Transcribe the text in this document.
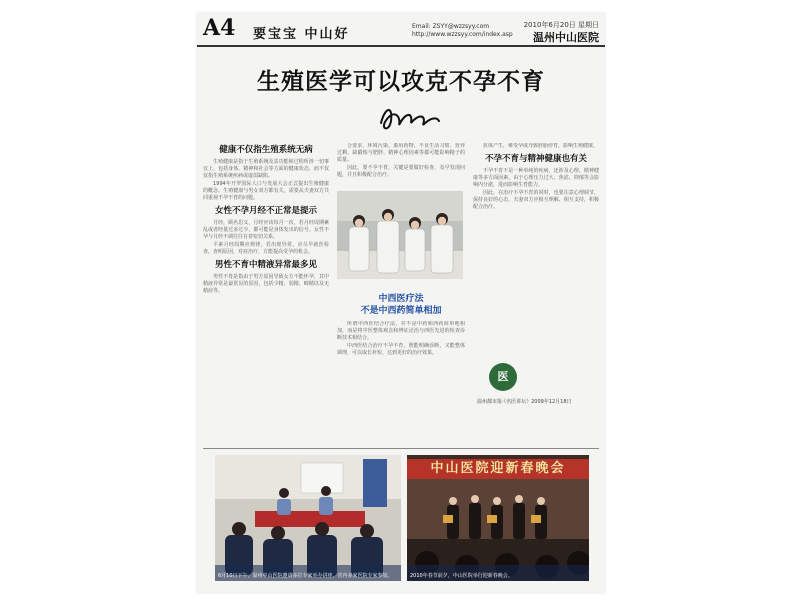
A4 要宝宝 中山好
Email: ZSYY@wzzsyy.com
http://www.wzzsyy.com/index.asp
2010年6月20日 星期日
温州中山医院
生殖医学可以攻克不孕不育
健康不仅指生殖系统无病

生殖健康是指于生殖系统及其功能和过程所涉一切事宜上，包括身体、精神和社会等方面的健康状态，而不仅仅指生殖系统疾病或虚弱缺陷。

1994年开罗国际人口与发展大会正式提出生殖健康的概念。生殖健康与男女双方都有关，需要从夫妻双方共同重视不孕不育的问题。

女性不孕月经不正常是提示

月经，顾名思义，月经应该每月一次，若月经周期紊乱或者经量过多过少，都可能是身体发出的信号。女性不孕与月经不调往往有着密切关系。

平素月经周期应规律，若出现异常，应尽早就医检查，查明原因，对症治疗，方能提高受孕的机会。

男性不育中精液异常最多见

男性不育是指由于男方原因导致女方不能怀孕，其中精液异常是最常见的原因，包括少精、弱精、畸精以及无精症等。

合要求，环境污染、滥用药物、不良生活习惯、营养过剩、缺锻炼与肥胖、精神心理因素等都可能影响精子的质量。

因此，要不孕不育，关键是要做好检查，及早发现问题，并且积极配合治疗。

中西医疗法
不是中西药简单相加

所谓中西医结合疗法，并不是中药和西药简单地相加，而是将中医整体观念和辨证论治与西医先进的检查诊断技术相结合。

中西医结合治疗不孕不育，既能明确诊断，又能整体调理，可以取长补短，达到更好的治疗效果。

抗体产生，难受孕或导致胚胎停育，影响生殖健康。

不孕不育与精神健康也有关

不孕不育不是一种单纯的疾病，还涉及心理、精神健康等多方面因素。由于心理压力过大、焦虑、抑郁等会影响内分泌，进而影响生育能力。

因此，在治疗不孕不育的同时，也要注意心理调节，保持良好的心态，夫妻双方应相互理解、相互支持，积极配合治疗。

医
温州都市报·《名医讲坛》2009年12月18日
6月10日下午，温州中山医院邀请多位专家举办讲座，省内多家医院专家参加。
中山医院迎新春晚会
2010年春节前夕，中山医院举行迎新春晚会。
